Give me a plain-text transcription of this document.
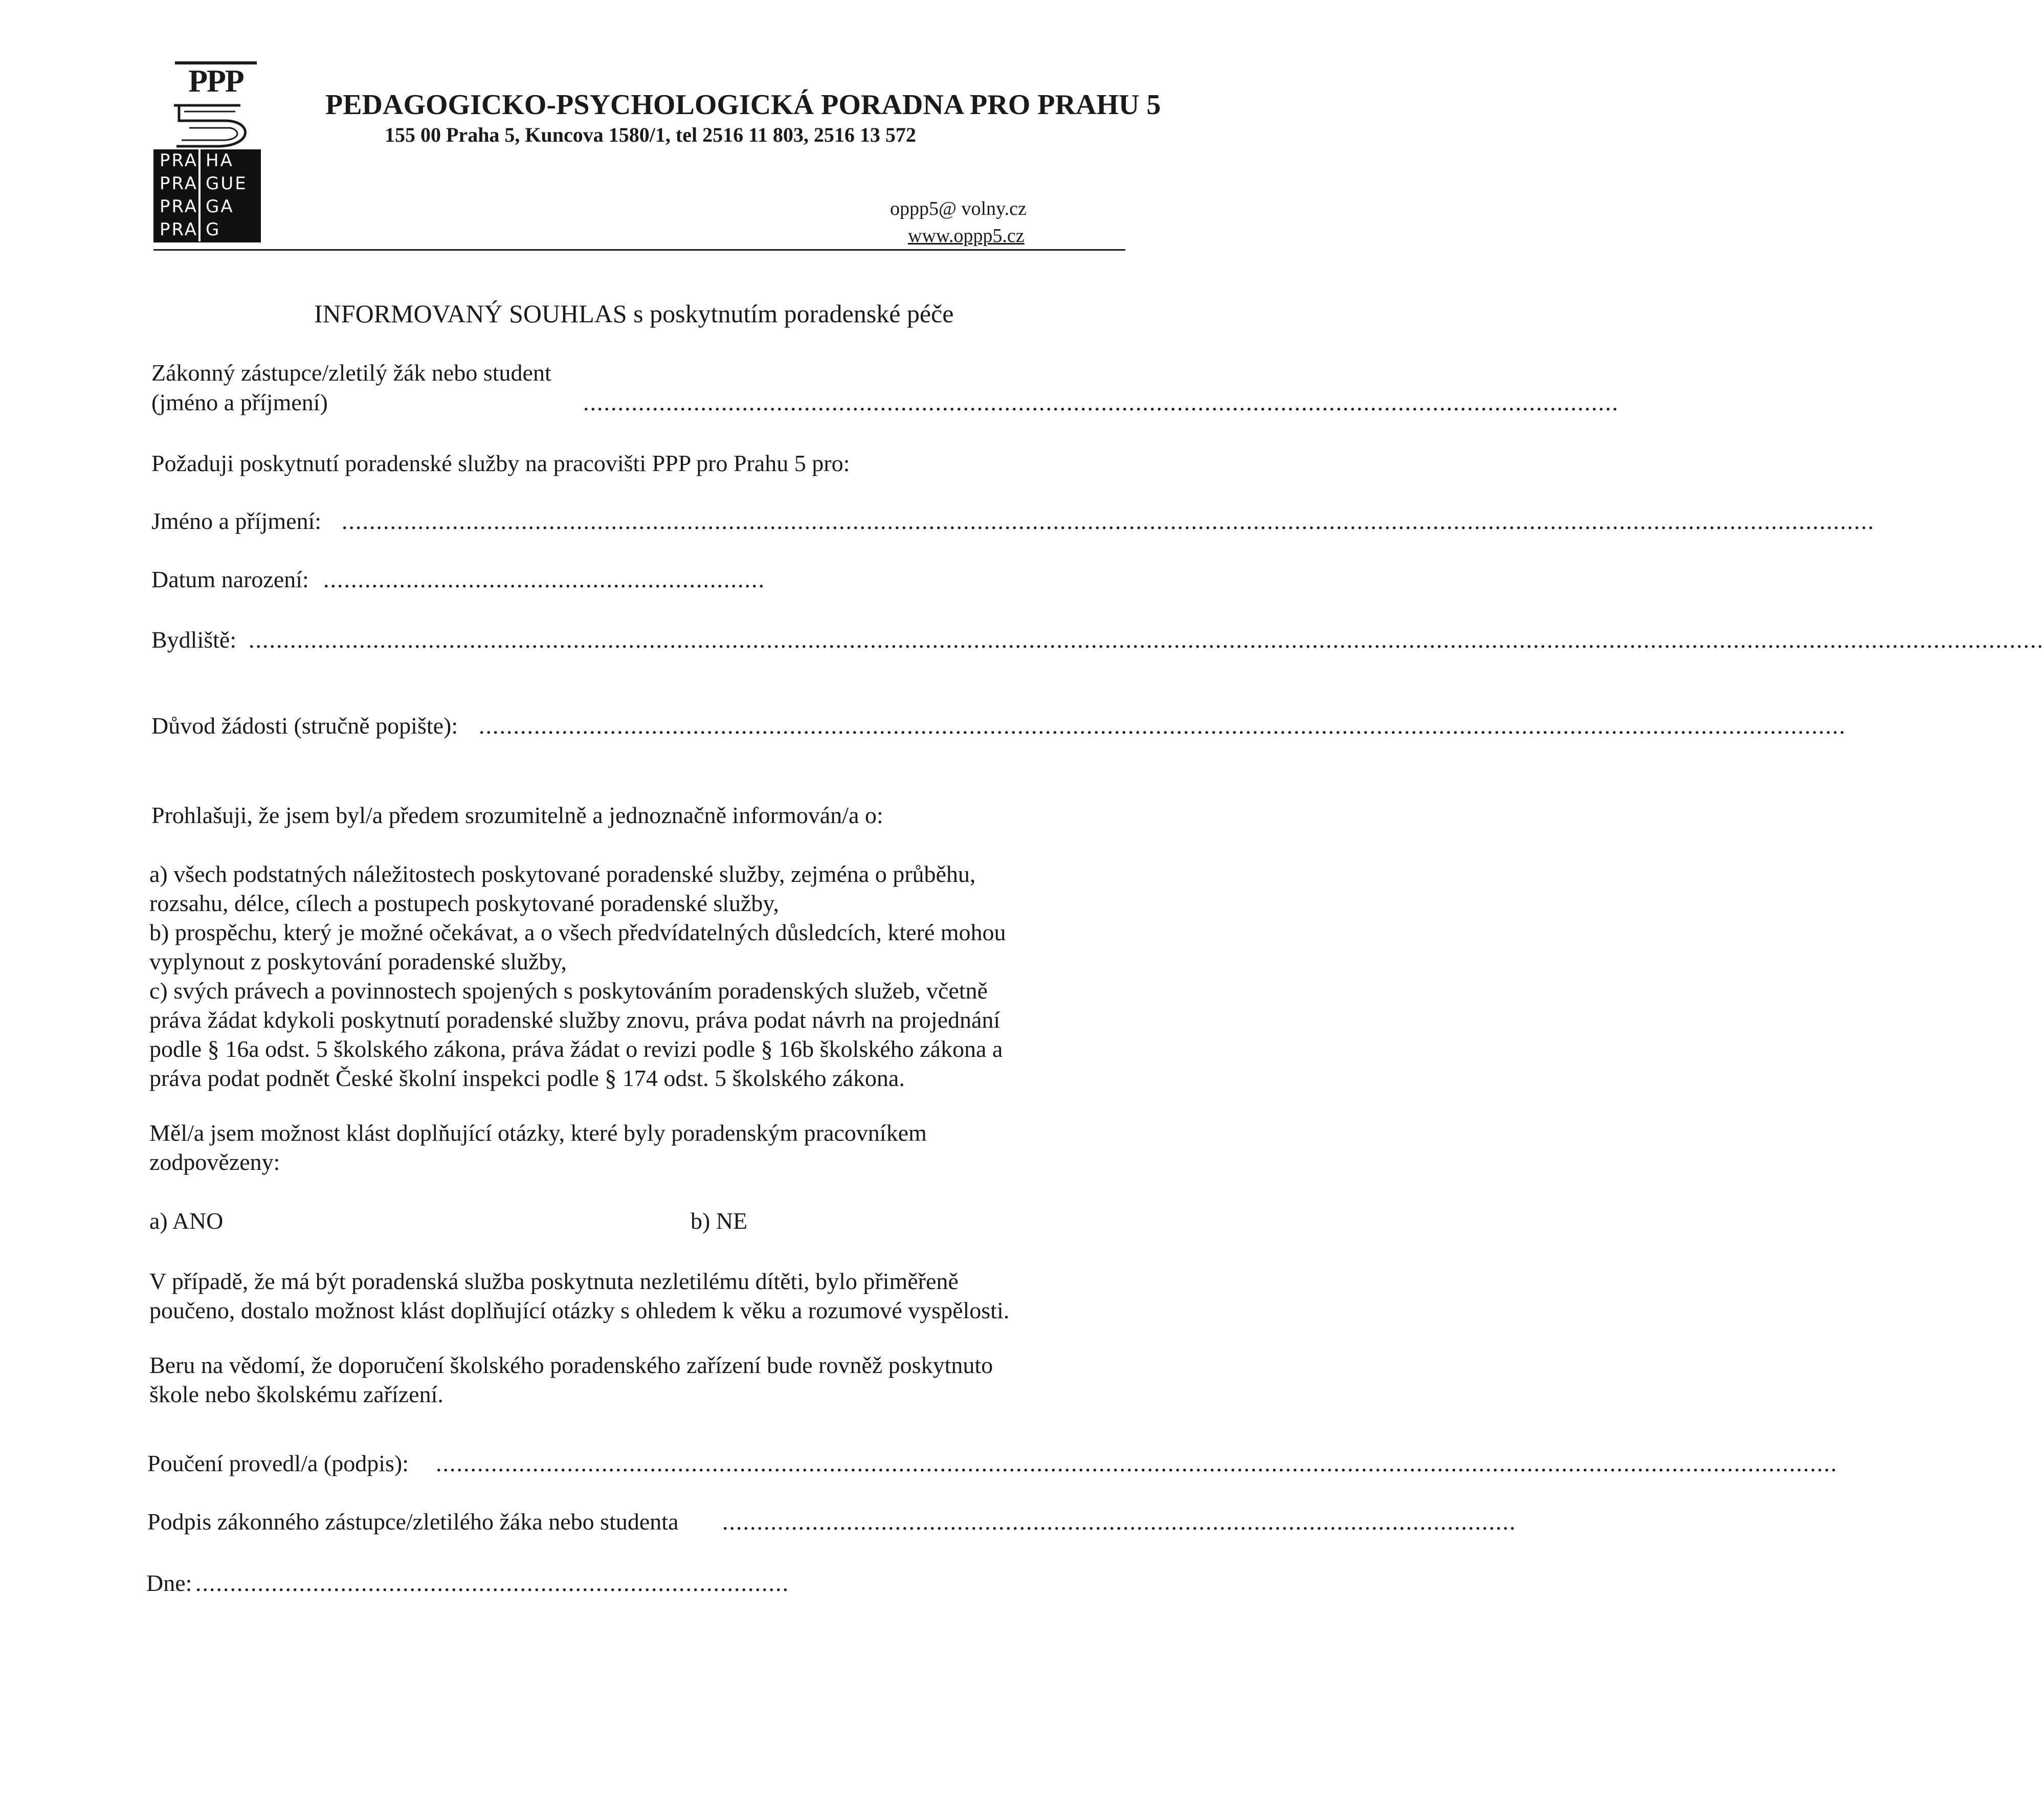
PPP
PRA HA
PRA GUE
PRA GA
PRA G
PEDAGOGICKO-PSYCHOLOGICKÁ PORADNA PRO PRAHU 5
155 00 Praha 5, Kuncova 1580/1, tel 2516 11 803, 2516 13 572
oppp5@ volny.cz
www.oppp5.cz
INFORMOVANÝ SOUHLAS s poskytnutím poradenské péče
Zákonný zástupce/zletilý žák nebo student
(jméno a příjmení)	......................................................................................................................................................
Požaduji poskytnutí poradenské služby na pracovišti PPP pro Prahu 5 pro:
Jméno a příjmení: ..............................................................................................................................................................................................................................
Datum narození: ................................................................
Bydliště: ....................................................................................................................................................................................................................................................................
Důvod žádosti (stručně popište): ......................................................................................................................................................................................................
Prohlašuji, že jsem byl/a předem srozumitelně a jednoznačně informován/a o:
a) všech podstatných náležitostech poskytované poradenské služby, zejména o průběhu,
rozsahu, délce, cílech a postupech poskytované poradenské služby,
b) prospěchu, který je možné očekávat, a o všech předvídatelných důsledcích, které mohou
vyplynout z poskytování poradenské služby,
c) svých právech a povinnostech spojených s poskytováním poradenských služeb, včetně
práva žádat kdykoli poskytnutí poradenské služby znovu, práva podat návrh na projednání
podle § 16a odst. 5 školského zákona, práva žádat o revizi podle § 16b školského zákona a
práva podat podnět České školní inspekci podle § 174 odst. 5 školského zákona.
Měl/a jsem možnost klást doplňující otázky, které byly poradenským pracovníkem
zodpovězeny:
a) ANO	b) NE
V případě, že má být poradenská služba poskytnuta nezletilému dítěti, bylo přiměřeně
poučeno, dostalo možnost klást doplňující otázky s ohledem k věku a rozumové vyspělosti.
Beru na vědomí, že doporučení školského poradenského zařízení bude rovněž poskytnuto
škole nebo školskému zařízení.
Poučení provedl/a (podpis): ...........................................................................................................................................................................................................
Podpis zákonného zástupce/zletilého žáka nebo studenta ...................................................................................................................
Dne: ......................................................................................
